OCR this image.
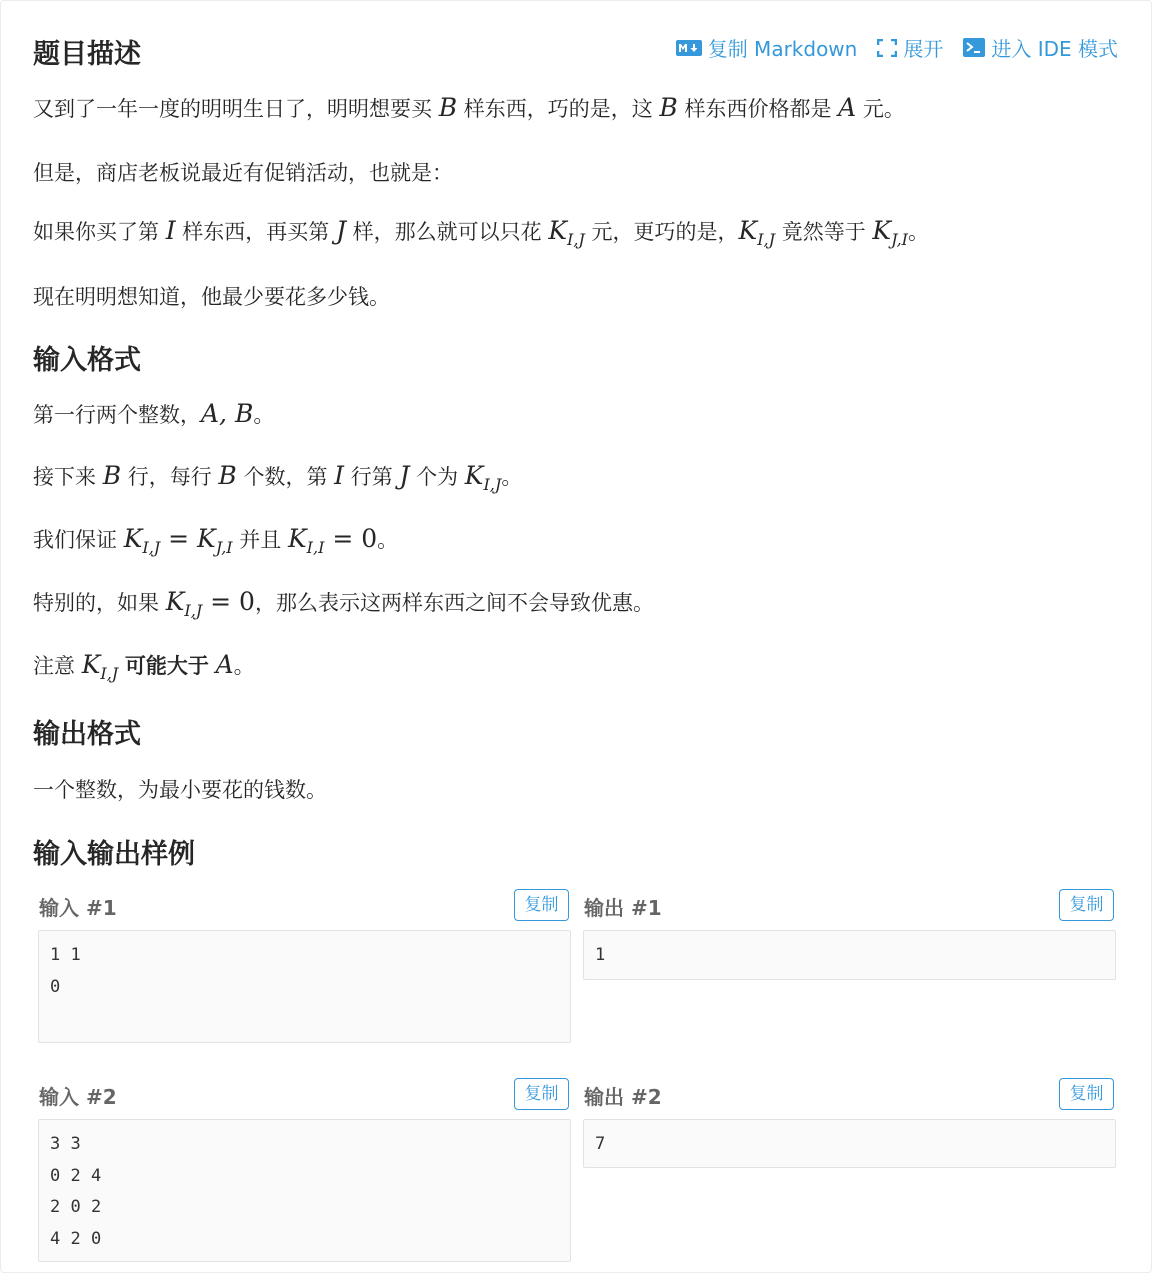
复制 Markdown 展开 进入 IDE 模式
题目描述

又到了一年一度的明明生日了，明明想要买 B 样东西，巧的是，这 B 样东西价格都是 A 元。

但是，商店老板说最近有促销活动，也就是：

如果你买了第 I 样东西，再买第 J 样，那么就可以只花 $K_{I,J}$ 元，更巧的是，$K_{I,J}$ 竟然等于 $K_{J,I}$。

现在明明想知道，他最少要花多少钱。

输入格式

第一行两个整数，A, B。

接下来 B 行，每行 B 个数，第 I 行第 J 个为 $K_{I,J}$。

我们保证 $K_{I,J} = K_{J,I}$ 并且 $K_{I,I} = 0$。

特别的，如果 $K_{I,J} = 0$，那么表示这两样东西之间不会导致优惠。

注意 $K_{I,J}$ 可能大于 A。

输出格式

一个整数，为最小要花的钱数。

输入输出样例
输入 #1	复制
1 1
0
输出 #1	复制
1
输入 #2	复制
3 3
0 2 4
2 0 2
4 2 0
输出 #2	复制
7
